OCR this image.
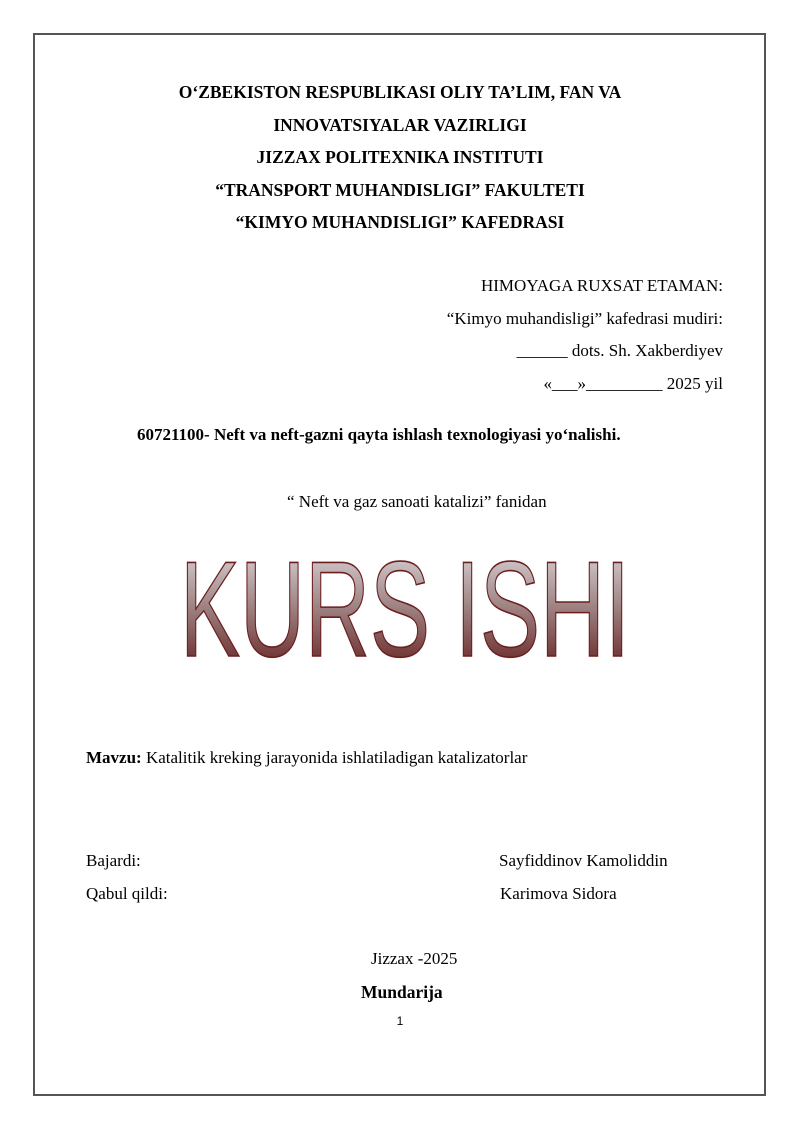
O‘ZBEKISTON RESPUBLIKASI OLIY TA’LIM, FAN VA
INNOVATSIYALAR VAZIRLIGI
JIZZAX POLITEXNIKA INSTITUTI
“TRANSPORT MUHANDISLIGI” FAKULTETI
“KIMYO MUHANDISLIGI” KAFEDRASI
HIMOYAGA RUXSAT ETAMAN:
“Kimyo muhandisligi” kafedrasi mudiri:
______ dots. Sh. Xakberdiyev
«___»_________ 2025 yil
60721100- Neft va neft-gazni qayta ishlash texnologiyasi yo‘nalishi.
“ Neft va gaz sanoati katalizi” fanidan
KURS ISHI
Mavzu: Katalitik kreking jarayonida ishlatiladigan katalizatorlar
Bajardi:	Sayfiddinov Kamoliddin
Qabul qildi:	Karimova Sidora
Jizzax -2025
Mundarija
1
